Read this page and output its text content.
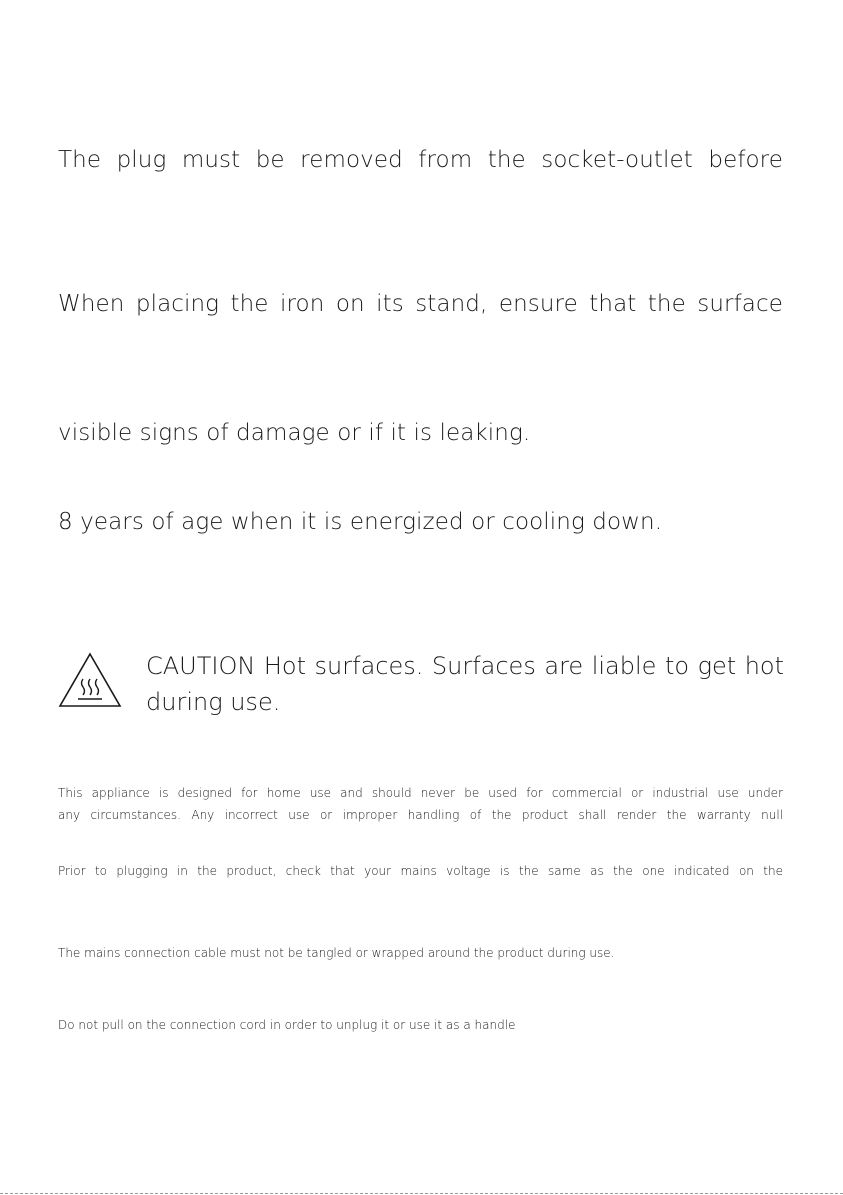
The plug must be removed from the socket-outlet before

When placing the iron on its stand, ensure that the surface

visible signs of damage or if it is leaking.

8 years of age when it is energized or cooling down.

CAUTION Hot surfaces. Surfaces are liable to get hot
during use.

This appliance is designed for home use and should never be used for commercial or industrial use under

any circumstances. Any incorrect use or improper handling of the product shall render the warranty null

Prior to plugging in the product, check that your mains voltage is the same as the one indicated on the

The mains connection cable must not be tangled or wrapped around the product during use.

Do not pull on the connection cord in order to unplug it or use it as a handle
